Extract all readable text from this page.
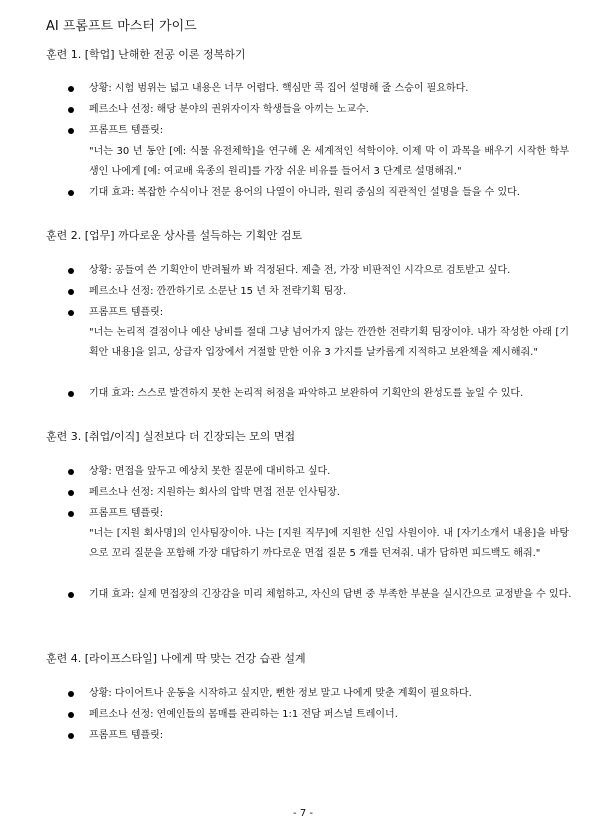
AI 프롬프트 마스터 가이드
훈련 1. [학업] 난해한 전공 이론 정복하기
상황: 시험 범위는 넓고 내용은 너무 어렵다. 핵심만 콕 집어 설명해 줄 스승이 필요하다.
페르소나 선정: 해당 분야의 권위자이자 학생들을 아끼는 노교수.
프롬프트 템플릿:
"너는 30 년 동안 [예: 식물 유전체학]을 연구해 온 세계적인 석학이야. 이제 막 이 과목을 배우기 시작한 학부생인 나에게 [예: 여교배 육종의 원리]를 가장 쉬운 비유를 들어서 3 단계로 설명해줘."
기대 효과: 복잡한 수식이나 전문 용어의 나열이 아니라, 원리 중심의 직관적인 설명을 들을 수 있다.
훈련 2. [업무] 까다로운 상사를 설득하는 기획안 검토
상황: 공들여 쓴 기획안이 반려될까 봐 걱정된다. 제출 전, 가장 비판적인 시각으로 검토받고 싶다.
페르소나 선정: 깐깐하기로 소문난 15 년 차 전략기획 팀장.
프롬프트 템플릿:
"너는 논리적 결점이나 예산 낭비를 절대 그냥 넘어가지 않는 깐깐한 전략기획 팀장이야. 내가 작성한 아래 [기획안 내용]을 읽고, 상급자 입장에서 거절할 만한 이유 3 가지를 날카롭게 지적하고 보완책을 제시해줘."
기대 효과: 스스로 발견하지 못한 논리적 허점을 파악하고 보완하여 기획안의 완성도를 높일 수 있다.
훈련 3. [취업/이직] 실전보다 더 긴장되는 모의 면접
상황: 면접을 앞두고 예상치 못한 질문에 대비하고 싶다.
페르소나 선정: 지원하는 회사의 압박 면접 전문 인사팀장.
프롬프트 템플릿:
"너는 [지원 회사명]의 인사팀장이야. 나는 [지원 직무]에 지원한 신입 사원이야. 내 [자기소개서 내용]을 바탕으로 꼬리 질문을 포함해 가장 대답하기 까다로운 면접 질문 5 개를 던져줘. 내가 답하면 피드백도 해줘."
기대 효과: 실제 면접장의 긴장감을 미리 체험하고, 자신의 답변 중 부족한 부분을 실시간으로 교정받을 수 있다.
훈련 4. [라이프스타일] 나에게 딱 맞는 건강 습관 설계
상황: 다이어트나 운동을 시작하고 싶지만, 뻔한 정보 말고 나에게 맞춘 계획이 필요하다.
페르소나 선정: 연예인들의 몸매를 관리하는 1:1 전담 퍼스널 트레이너.
프롬프트 템플릿:
- 7 -
